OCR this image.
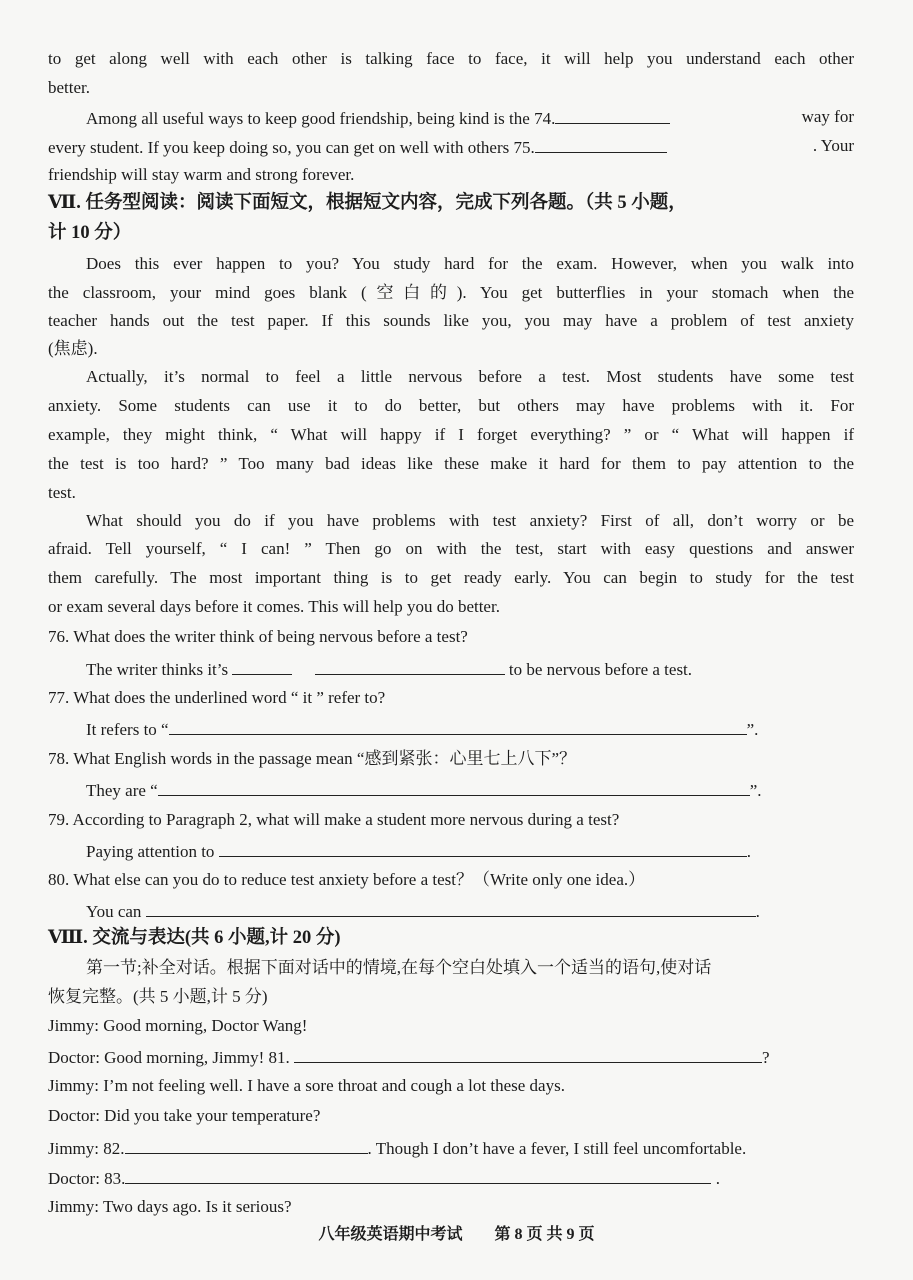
to get along well with each other is talking face to face, it will help you understand each other
better.
Among all useful ways to keep good friendship, being kind is the 74.	way for
every student. If you keep doing so, you can get on well with others 75.	. Your
friendship will stay warm and strong forever.
Ⅶ. 任务型阅读：阅读下面短文，根据短文内容，完成下列各题。（共 5 小题，
计 10 分）
Does this ever happen to you? You study hard for the exam. However, when you walk into
the classroom, your mind goes blank (空白的). You get butterflies in your stomach when the
teacher hands out the test paper. If this sounds like you, you may have a problem of test anxiety
(焦虑).
Actually, it’s normal to feel a little nervous before a test. Most students have some test
anxiety. Some students can use it to do better, but others may have problems with it. For
example, they might think, “ What will happy if I forget everything? ” or “ What will happen if
the test is too hard? ” Too many bad ideas like these make it hard for them to pay attention to the
test.
What should you do if you have problems with test anxiety? First of all, don’t worry or be
afraid. Tell yourself, “ I can! ” Then go on with the test, start with easy questions and answer
them carefully. The most important thing is to get ready early. You can begin to study for the test
or exam several days before it comes. This will help you do better.
76. What does the writer think of being nervous before a test?
The writer thinks it’s	to be nervous before a test.
77. What does the underlined word “ it ” refer to?
It refers to “	”.
78. What English words in the passage mean “感到紧张：心里七上八下”？
They are “	”.
79. According to Paragraph 2, what will make a student more nervous during a test?
Paying attention to	.
80. What else can you do to reduce test anxiety before a test？（Write only one idea.）
You can	.
Ⅷ. 交流与表达(共 6 小题,计 20 分)
第一节;补全对话。根据下面对话中的情境,在每个空白处填入一个适当的语句,使对话
恢复完整。(共 5 小题,计 5 分)
Jimmy: Good morning, Doctor Wang!
Doctor: Good morning, Jimmy! 81.	?
Jimmy: I’m not feeling well. I have a sore throat and cough a lot these days.
Doctor: Did you take your temperature?
Jimmy: 82.	. Though I don’t have a fever, I still feel uncomfortable.
Doctor: 83.	.
Jimmy: Two days ago. Is it serious?
八年级英语期中考试 第 8 页 共 9 页
